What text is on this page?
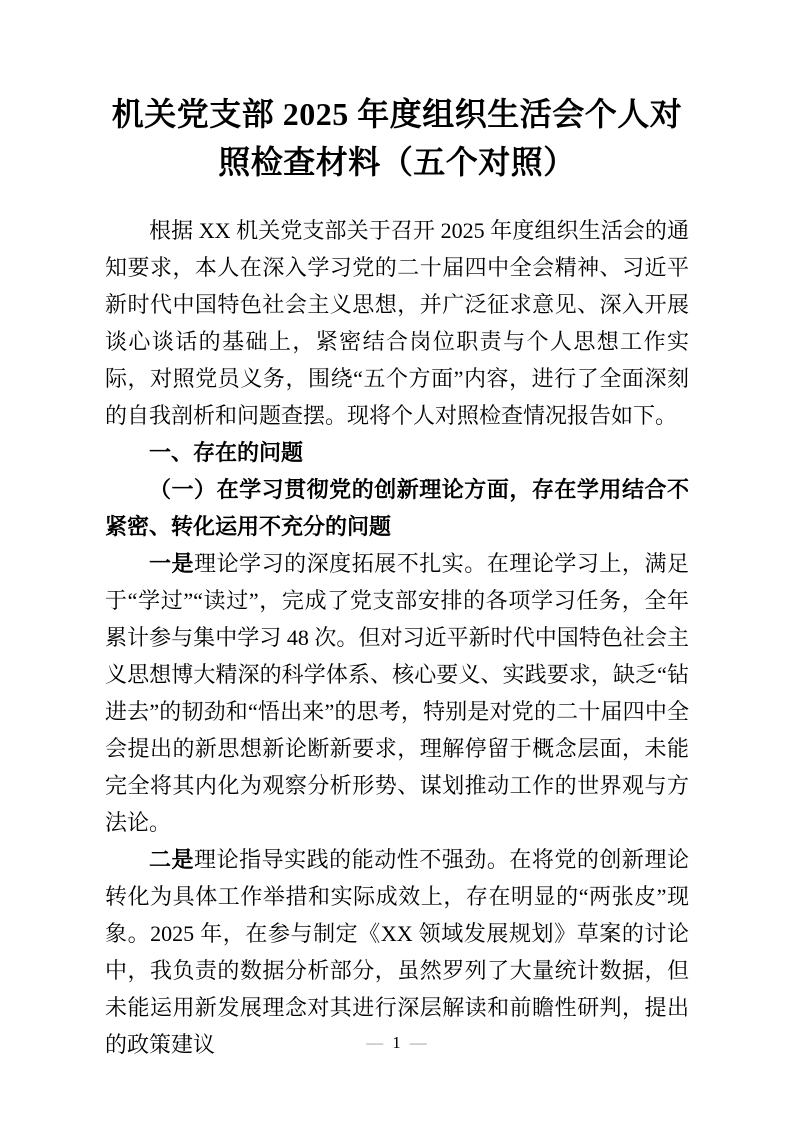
机关党支部 2025 年度组织生活会个人对照检查材料（五个对照）

根据 XX 机关党支部关于召开 2025 年度组织生活会的通知要求，本人在深入学习党的二十届四中全会精神、习近平新时代中国特色社会主义思想，并广泛征求意见、深入开展谈心谈话的基础上，紧密结合岗位职责与个人思想工作实际，对照党员义务，围绕“五个方面”内容，进行了全面深刻的自我剖析和问题查摆。现将个人对照检查情况报告如下。

一、存在的问题
（一）在学习贯彻党的创新理论方面，存在学用结合不紧密、转化运用不充分的问题

一是理论学习的深度拓展不扎实。在理论学习上，满足于“学过”“读过”，完成了党支部安排的各项学习任务，全年累计参与集中学习 48 次。但对习近平新时代中国特色社会主义思想博大精深的科学体系、核心要义、实践要求，缺乏“钻进去”的韧劲和“悟出来”的思考，特别是对党的二十届四中全会提出的新思想新论断新要求，理解停留于概念层面，未能完全将其内化为观察分析形势、谋划推动工作的世界观与方法论。

二是理论指导实践的能动性不强劲。在将党的创新理论转化为具体工作举措和实际成效上，存在明显的“两张皮”现象。2025 年，在参与制定《XX 领域发展规划》草案的讨论中，我负责的数据分析部分，虽然罗列了大量统计数据，但未能运用新发展理念对其进行深层解读和前瞻性研判，提出的政策建议	— 1 —
